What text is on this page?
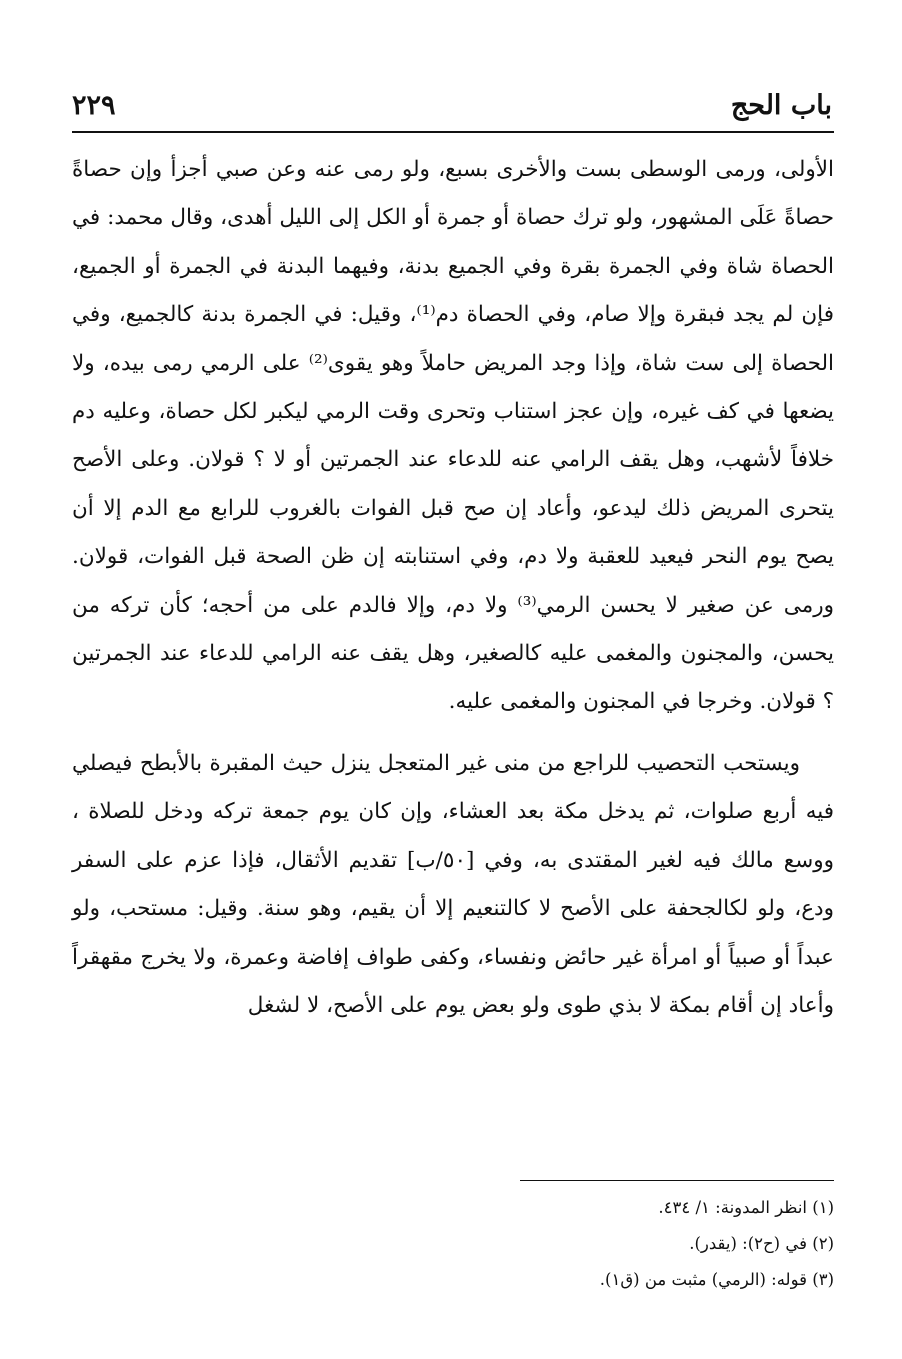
باب الحج
٢٢٩

الأولى، ورمى الوسطى بست والأخرى بسبع، ولو رمى عنه وعن صبي أجزأ وإن حصاةً حصاةً عَلَى المشهور، ولو ترك حصاة أو جمرة أو الكل إلى الليل أهدى، وقال محمد: في الحصاة شاة وفي الجمرة بقرة وفي الجميع بدنة، وفيهما البدنة في الجمرة أو الجميع، فإن لم يجد فبقرة وإلا صام، وفي الحصاة دم⁽¹⁾، وقيل: في الجمرة بدنة كالجميع، وفي الحصاة إلى ست شاة، وإذا وجد المريض حاملاً وهو يقوى⁽²⁾ على الرمي رمى بيده، ولا يضعها في كف غيره، وإن عجز استناب وتحرى وقت الرمي ليكبر لكل حصاة، وعليه دم خلافاً لأشهب، وهل يقف الرامي عنه للدعاء عند الجمرتين أو لا ؟ قولان. وعلى الأصح يتحرى المريض ذلك ليدعو، وأعاد إن صح قبل الفوات بالغروب للرابع مع الدم إلا أن يصح يوم النحر فيعيد للعقبة ولا دم، وفي استنابته إن ظن الصحة قبل الفوات، قولان. ورمى عن صغير لا يحسن الرمي⁽³⁾ ولا دم، وإلا فالدم على من أحجه؛ كأن تركه من يحسن، والمجنون والمغمى عليه كالصغير، وهل يقف عنه الرامي للدعاء عند الجمرتين ؟ قولان. وخرجا في المجنون والمغمى عليه.

ويستحب التحصيب للراجع من منى غير المتعجل ينزل حيث المقبرة بالأبطح فيصلي فيه أربع صلوات، ثم يدخل مكة بعد العشاء، وإن كان يوم جمعة تركه ودخل للصلاة ، ووسع مالك فيه لغير المقتدى به، وفي [٥٠/ب] تقديم الأثقال، فإذا عزم على السفر ودع، ولو لكالجحفة على الأصح لا كالتنعيم إلا أن يقيم، وهو سنة. وقيل: مستحب، ولو عبداً أو صبياً أو امرأة غير حائض ونفساء، وكفى طواف إفاضة وعمرة، ولا يخرج مقهقراً وأعاد إن أقام بمكة لا بذي طوى ولو بعض يوم على الأصح، لا لشغل

(١) انظر المدونة: ١/ ٤٣٤.
(٢) في (ح٢): (يقدر).
(٣) قوله: (الرمي) مثبت من (ق١).
